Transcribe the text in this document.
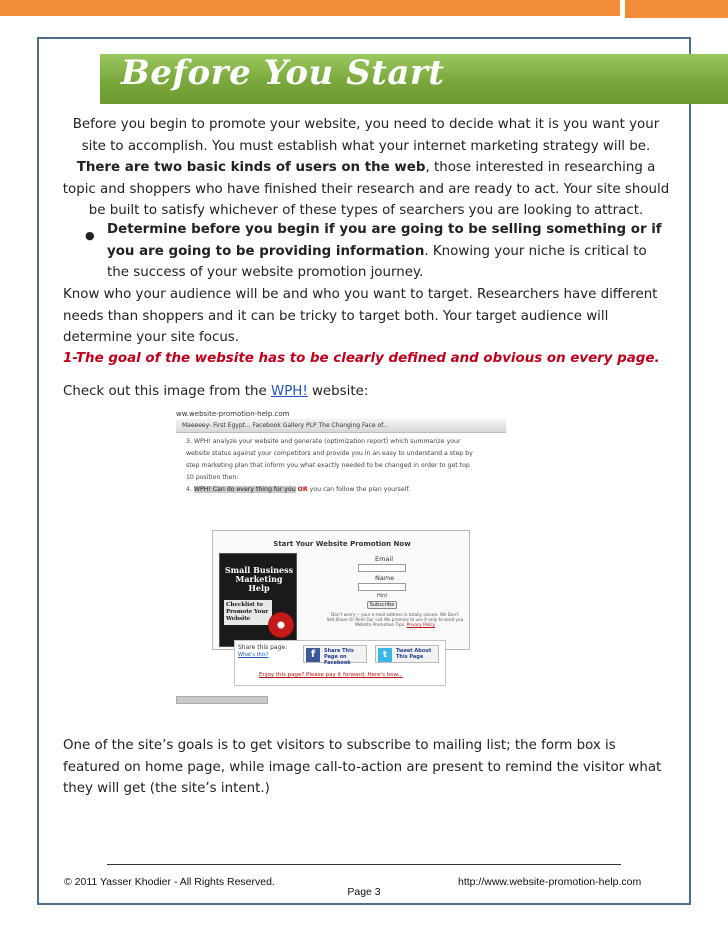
Before You Start
Before you begin to promote your website, you need to decide what it is you want your site to accomplish. You must establish what your internet marketing strategy will be. There are two basic kinds of users on the web, those interested in researching a topic and shoppers who have finished their research and are ready to act. Your site should be built to satisfy whichever of these types of searchers you are looking to attract.
● Determine before you begin if you are going to be selling something or if you are going to be providing information. Knowing your niche is critical to the success of your website promotion journey.
Know who your audience will be and who you want to target. Researchers have different needs than shoppers and it can be tricky to target both. Your target audience will determine your site focus.
1-The goal of the website has to be clearly defined and obvious on every page.
Check out this image from the WPH! website:
ww.website-promotion-help.com
Maeeeey- First Egypt... Facebook Gallery PLP The Changing Face of...
3. WPH! analyze your website and generate (optimization report) which summarize your
website status against your competitors and provide you in an easy to understand a step by
step marketing plan that inform you what exactly needed to be changed in order to get top
10 position then:
4. WPH! Can do every thing for you OR you can follow the plan yourself.
Start Your Website Promotion Now
Small Business Marketing Help
Checklist to Promote Your Website
Email
Name
Hint
Subscribe
Don't worry -- your e-mail address is totally secure. We Don't Sell,Share Or Rent Our List We promise to use it only to send you Website Promotion Tips. Privacy Policy
Share this page:
What's this?	f	Share This Page on Facebook
t	Tweet About This Page
Enjoy this page? Please pay it forward. Here's how...
One of the site’s goals is to get visitors to subscribe to mailing list; the form box is featured on home page, while image call-to-action are present to remind the visitor what they will get (the site’s intent.)
© 2011 Yasser Khodier - All Rights Reserved.	http://www.website-promotion-help.com
Page 3
